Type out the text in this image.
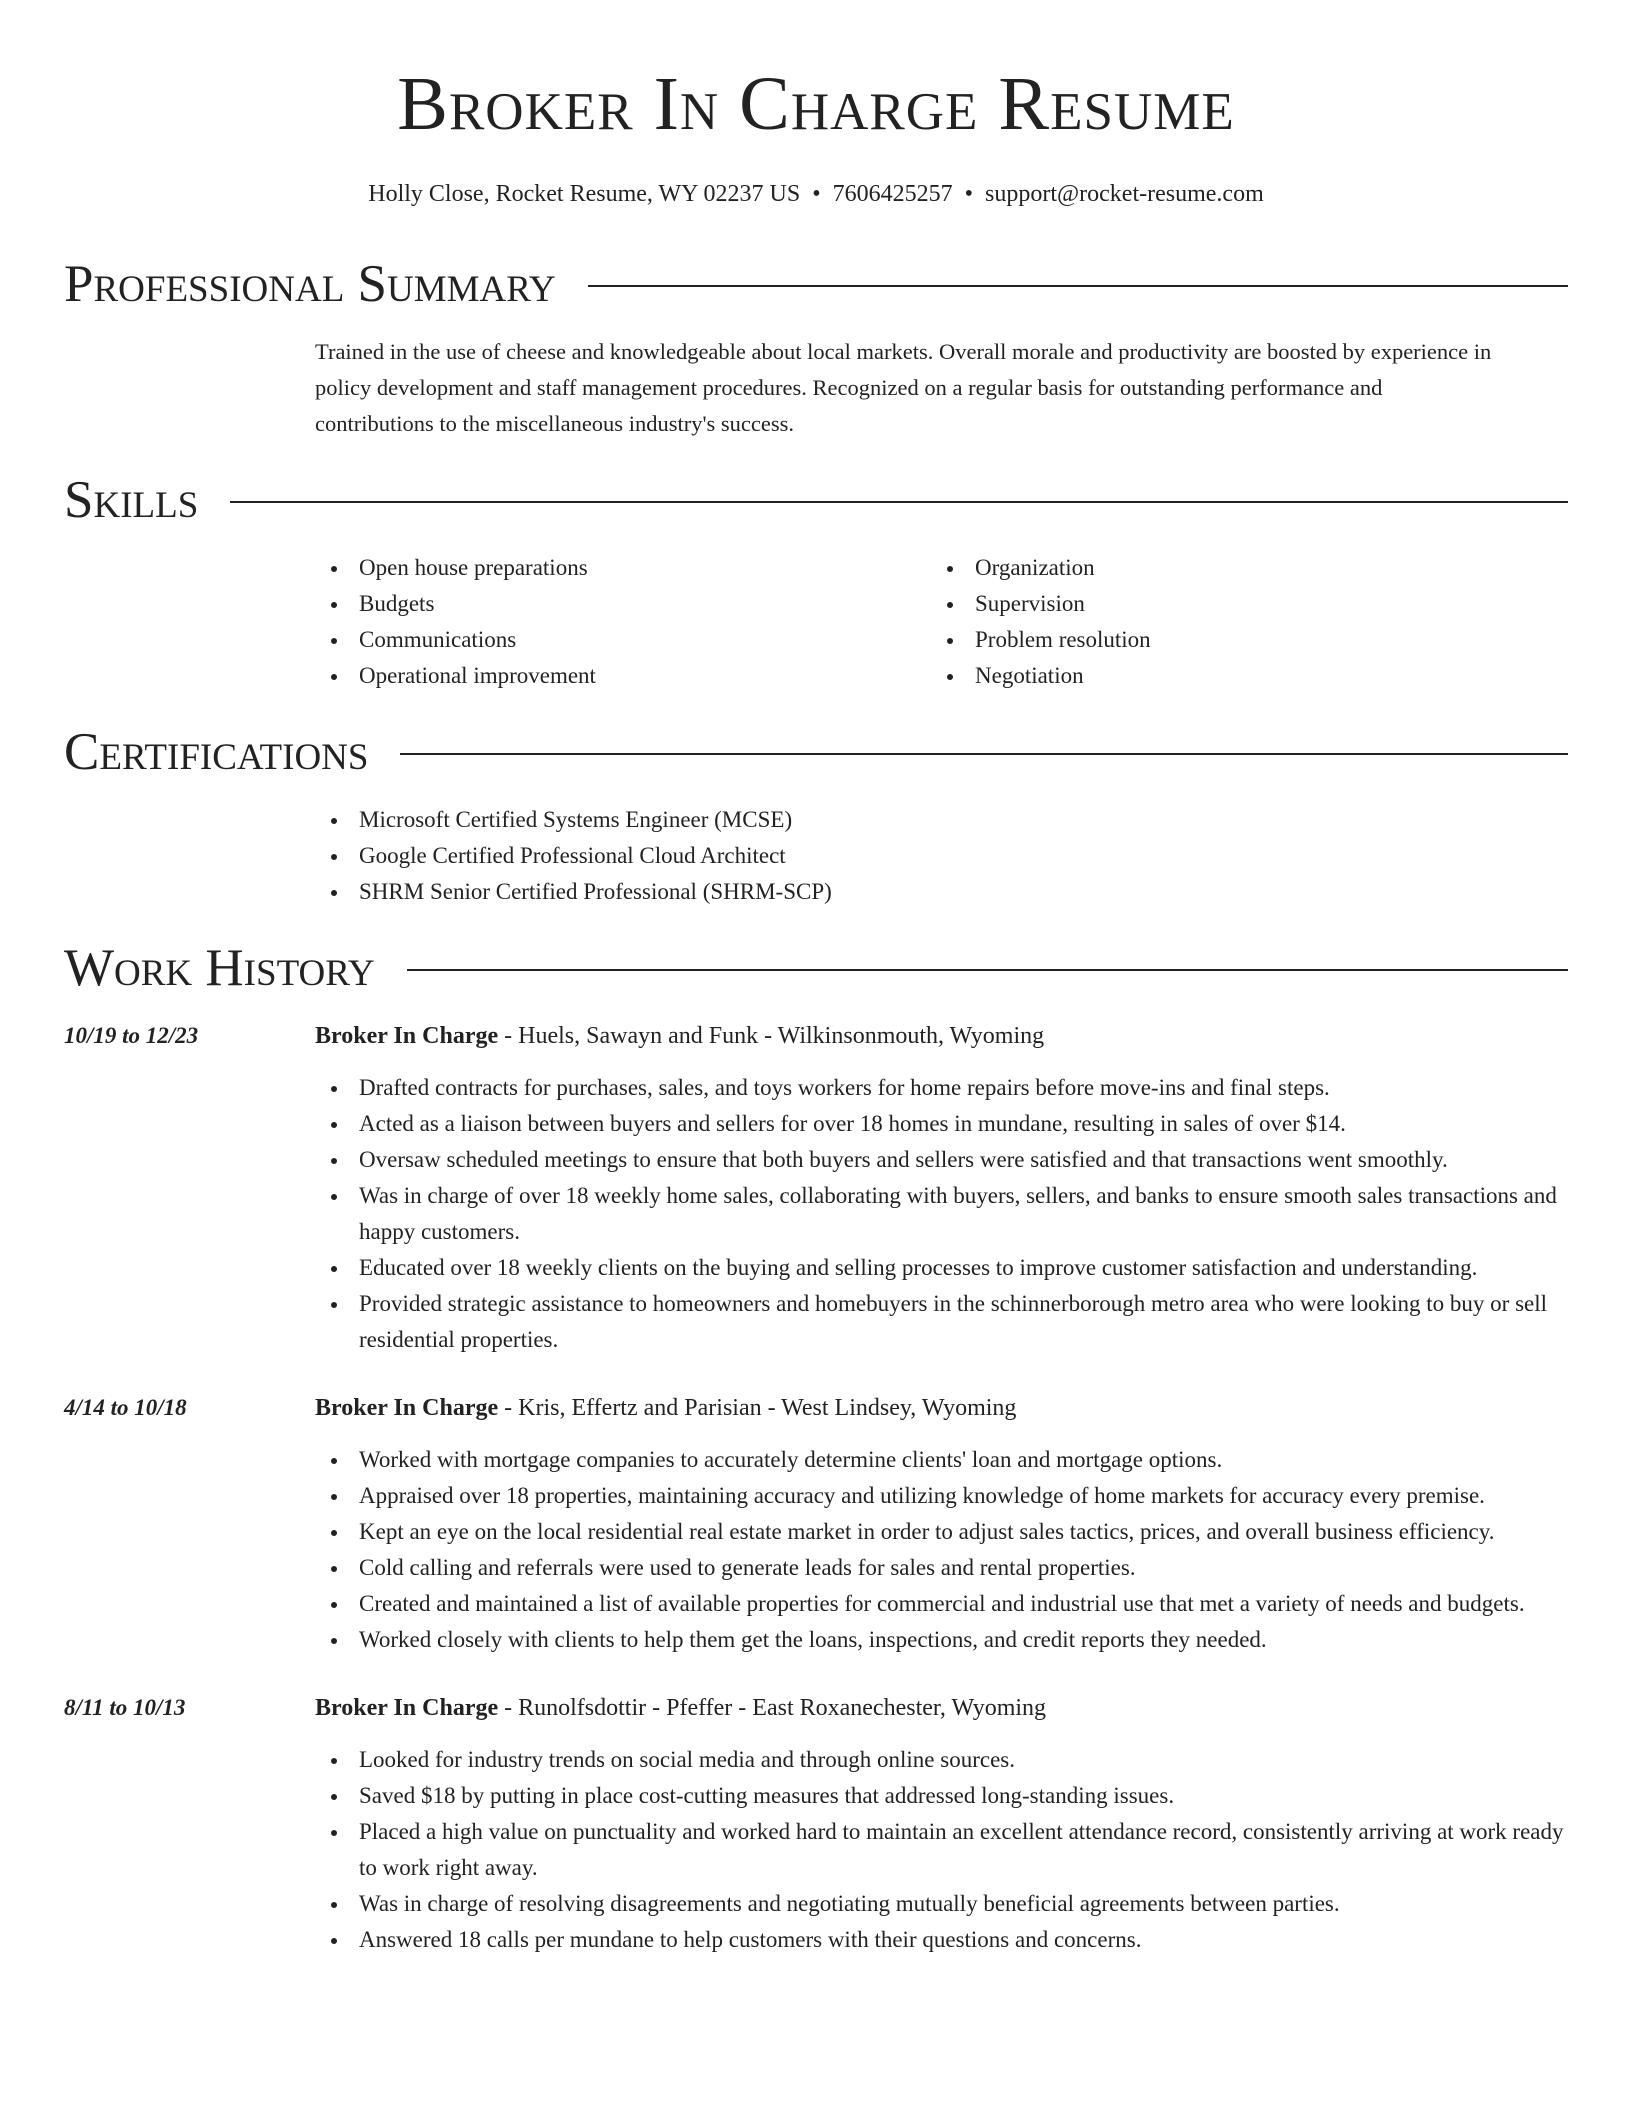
Broker In Charge Resume
Holly Close, Rocket Resume, WY 02237 US • 7606425257 • support@rocket-resume.com
Professional Summary
Trained in the use of cheese and knowledgeable about local markets. Overall morale and productivity are boosted by experience in policy development and staff management procedures. Recognized on a regular basis for outstanding performance and contributions to the miscellaneous industry's success.
Skills
Open house preparations
Budgets
Communications
Operational improvement
Organization
Supervision
Problem resolution
Negotiation
Certifications
Microsoft Certified Systems Engineer (MCSE)
Google Certified Professional Cloud Architect
SHRM Senior Certified Professional (SHRM-SCP)
Work History
10/19 to 12/23	Broker In Charge - Huels, Sawayn and Funk - Wilkinsonmouth, Wyoming
Drafted contracts for purchases, sales, and toys workers for home repairs before move-ins and final steps.
Acted as a liaison between buyers and sellers for over 18 homes in mundane, resulting in sales of over $14.
Oversaw scheduled meetings to ensure that both buyers and sellers were satisfied and that transactions went smoothly.
Was in charge of over 18 weekly home sales, collaborating with buyers, sellers, and banks to ensure smooth sales transactions and happy customers.
Educated over 18 weekly clients on the buying and selling processes to improve customer satisfaction and understanding.
Provided strategic assistance to homeowners and homebuyers in the schinnerborough metro area who were looking to buy or sell residential properties.
4/14 to 10/18	Broker In Charge - Kris, Effertz and Parisian - West Lindsey, Wyoming
Worked with mortgage companies to accurately determine clients' loan and mortgage options.
Appraised over 18 properties, maintaining accuracy and utilizing knowledge of home markets for accuracy every premise.
Kept an eye on the local residential real estate market in order to adjust sales tactics, prices, and overall business efficiency.
Cold calling and referrals were used to generate leads for sales and rental properties.
Created and maintained a list of available properties for commercial and industrial use that met a variety of needs and budgets.
Worked closely with clients to help them get the loans, inspections, and credit reports they needed.
8/11 to 10/13	Broker In Charge - Runolfsdottir - Pfeffer - East Roxanechester, Wyoming
Looked for industry trends on social media and through online sources.
Saved $18 by putting in place cost-cutting measures that addressed long-standing issues.
Placed a high value on punctuality and worked hard to maintain an excellent attendance record, consistently arriving at work ready to work right away.
Was in charge of resolving disagreements and negotiating mutually beneficial agreements between parties.
Answered 18 calls per mundane to help customers with their questions and concerns.
